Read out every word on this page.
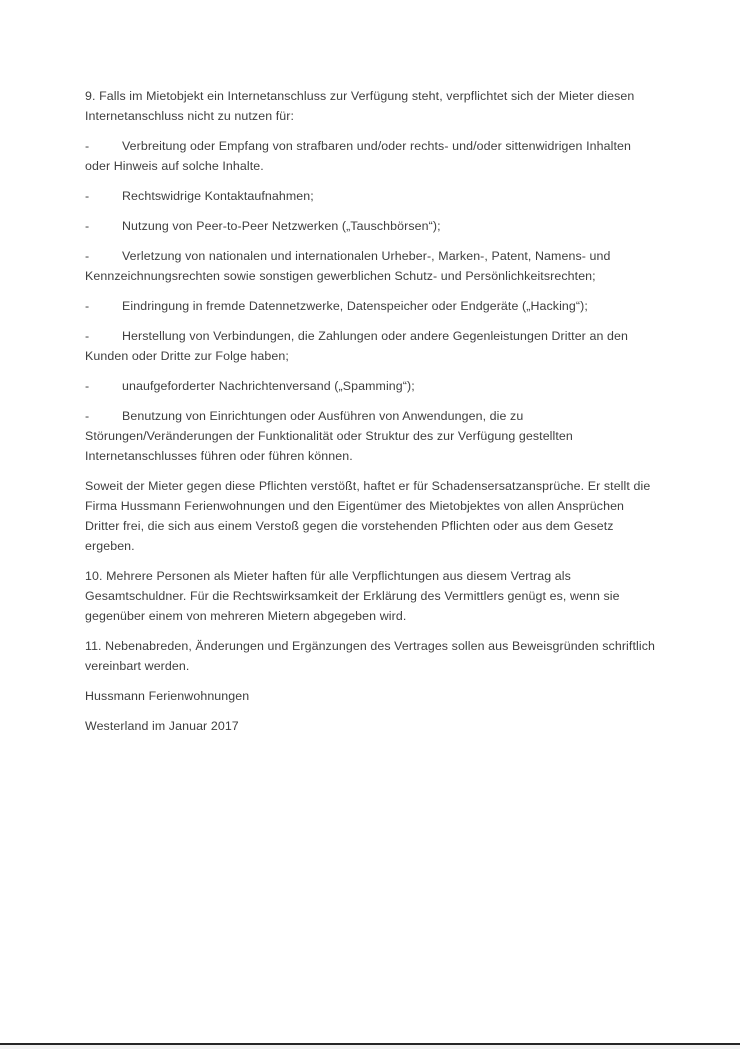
9. Falls im Mietobjekt ein Internetanschluss zur Verfügung steht, verpflichtet sich der Mieter diesen Internetanschluss nicht zu nutzen für:

-	Verbreitung oder Empfang von strafbaren und/oder rechts- und/oder sittenwidrigen Inhalten oder Hinweis auf solche Inhalte.

-	Rechtswidrige Kontaktaufnahmen;

-	Nutzung von Peer-to-Peer Netzwerken („Tauschbörsen“);

-	Verletzung von nationalen und internationalen Urheber-, Marken-, Patent, Namens- und Kennzeichnungsrechten sowie sonstigen gewerblichen Schutz- und Persönlichkeitsrechten;

-	Eindringung in fremde Datennetzwerke, Datenspeicher oder Endgeräte („Hacking“);

-	Herstellung von Verbindungen, die Zahlungen oder andere Gegenleistungen Dritter an den Kunden oder Dritte zur Folge haben;

-	unaufgeforderter Nachrichtenversand („Spamming“);

-	Benutzung von Einrichtungen oder Ausführen von Anwendungen, die zu Störungen/⁠Veränderungen der Funktionalität oder Struktur des zur Verfügung gestellten Internetanschlusses führen oder führen können.

Soweit der Mieter gegen diese Pflichten verstößt, haftet er für Schadensersatzansprüche. Er stellt die Firma Hussmann Ferienwohnungen und den Eigentümer des Mietobjektes von allen Ansprüchen Dritter frei, die sich aus einem Verstoß gegen die vorstehenden Pflichten oder aus dem Gesetz ergeben.

10. Mehrere Personen als Mieter haften für alle Verpflichtungen aus diesem Vertrag als Gesamtschuldner. Für die Rechtswirksamkeit der Erklärung des Vermittlers genügt es, wenn sie gegenüber einem von mehreren Mietern abgegeben wird.

11. Nebenabreden, Änderungen und Ergänzungen des Vertrages sollen aus Beweisgründen schriftlich vereinbart werden.

Hussmann Ferienwohnungen

Westerland im Januar 2017
